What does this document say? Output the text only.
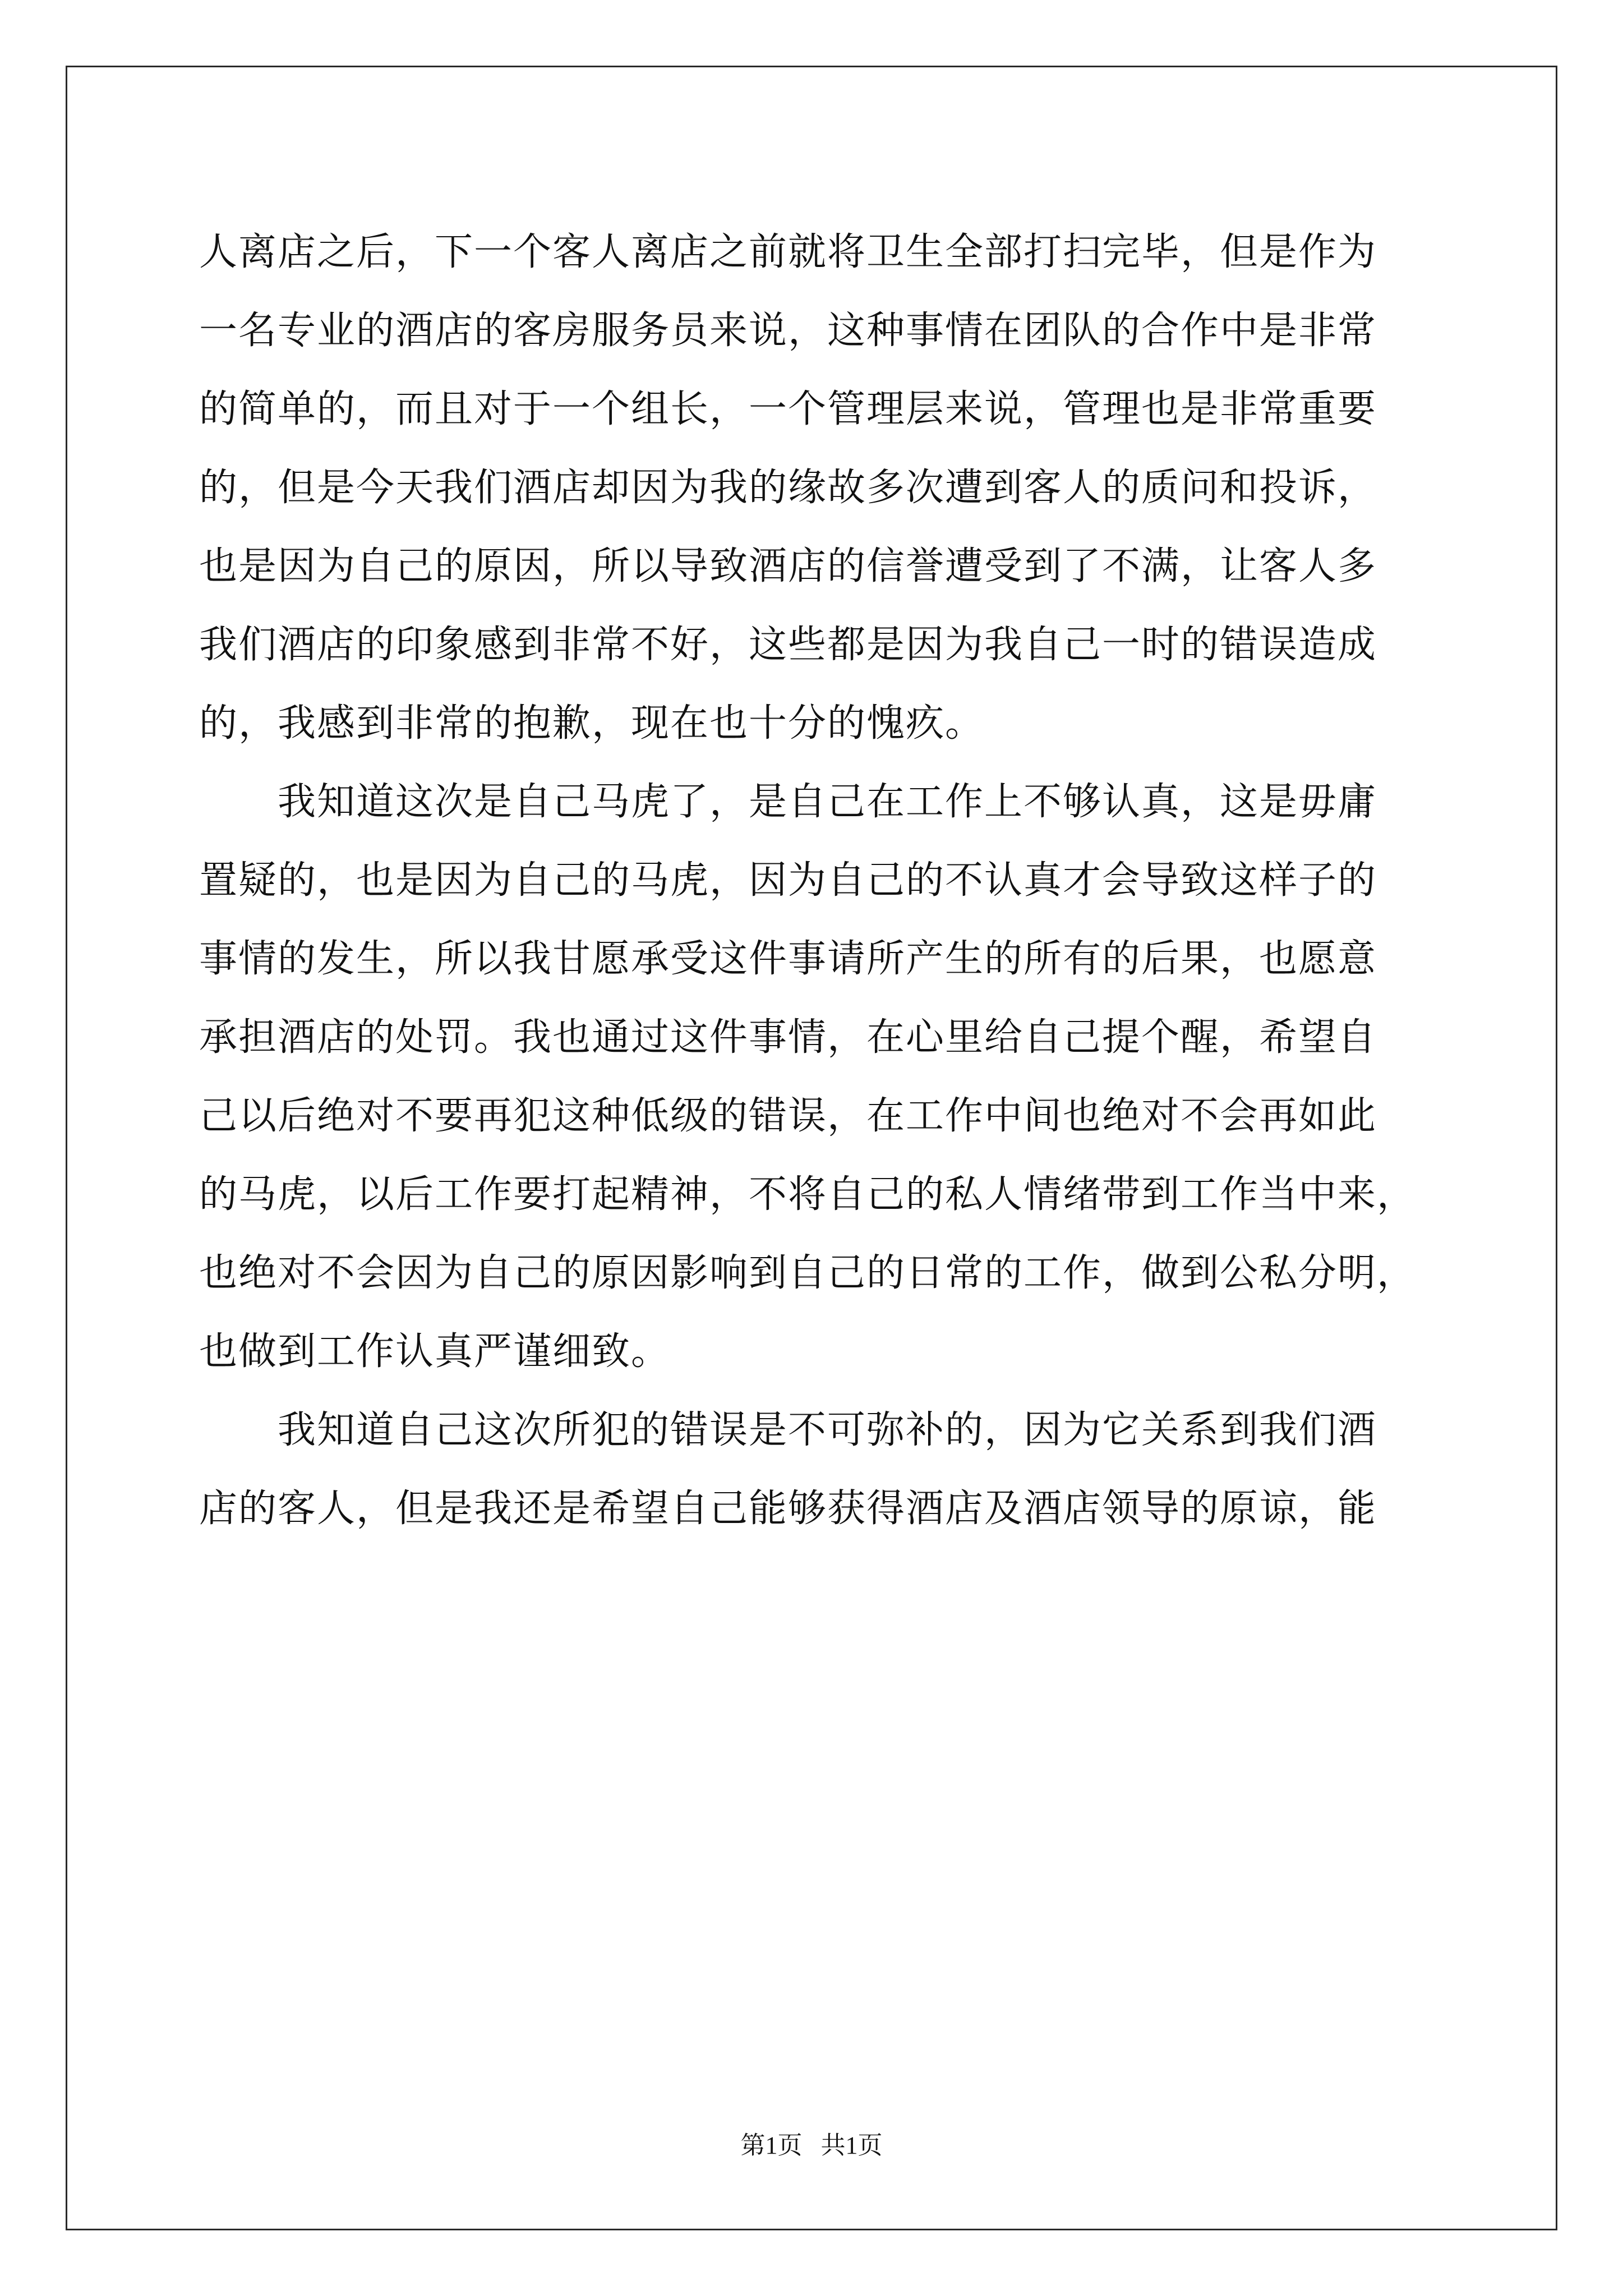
人离店之后，下一个客人离店之前就将卫生全部打扫完毕，但是作为
一名专业的酒店的客房服务员来说，这种事情在团队的合作中是非常
的简单的，而且对于一个组长，一个管理层来说，管理也是非常重要
的，但是今天我们酒店却因为我的缘故多次遭到客人的质问和投诉，
也是因为自己的原因，所以导致酒店的信誉遭受到了不满，让客人多
我们酒店的印象感到非常不好，这些都是因为我自己一时的错误造成
的，我感到非常的抱歉，现在也十分的愧疚。
我知道这次是自己马虎了，是自己在工作上不够认真，这是毋庸
置疑的，也是因为自己的马虎，因为自己的不认真才会导致这样子的
事情的发生，所以我甘愿承受这件事请所产生的所有的后果，也愿意
承担酒店的处罚。我也通过这件事情，在心里给自己提个醒，希望自
己以后绝对不要再犯这种低级的错误，在工作中间也绝对不会再如此
的马虎，以后工作要打起精神，不将自己的私人情绪带到工作当中来，
也绝对不会因为自己的原因影响到自己的日常的工作，做到公私分明，
也做到工作认真严谨细致。
我知道自己这次所犯的错误是不可弥补的，因为它关系到我们酒
店的客人，但是我还是希望自己能够获得酒店及酒店领导的原谅，能
第1页 共1页
